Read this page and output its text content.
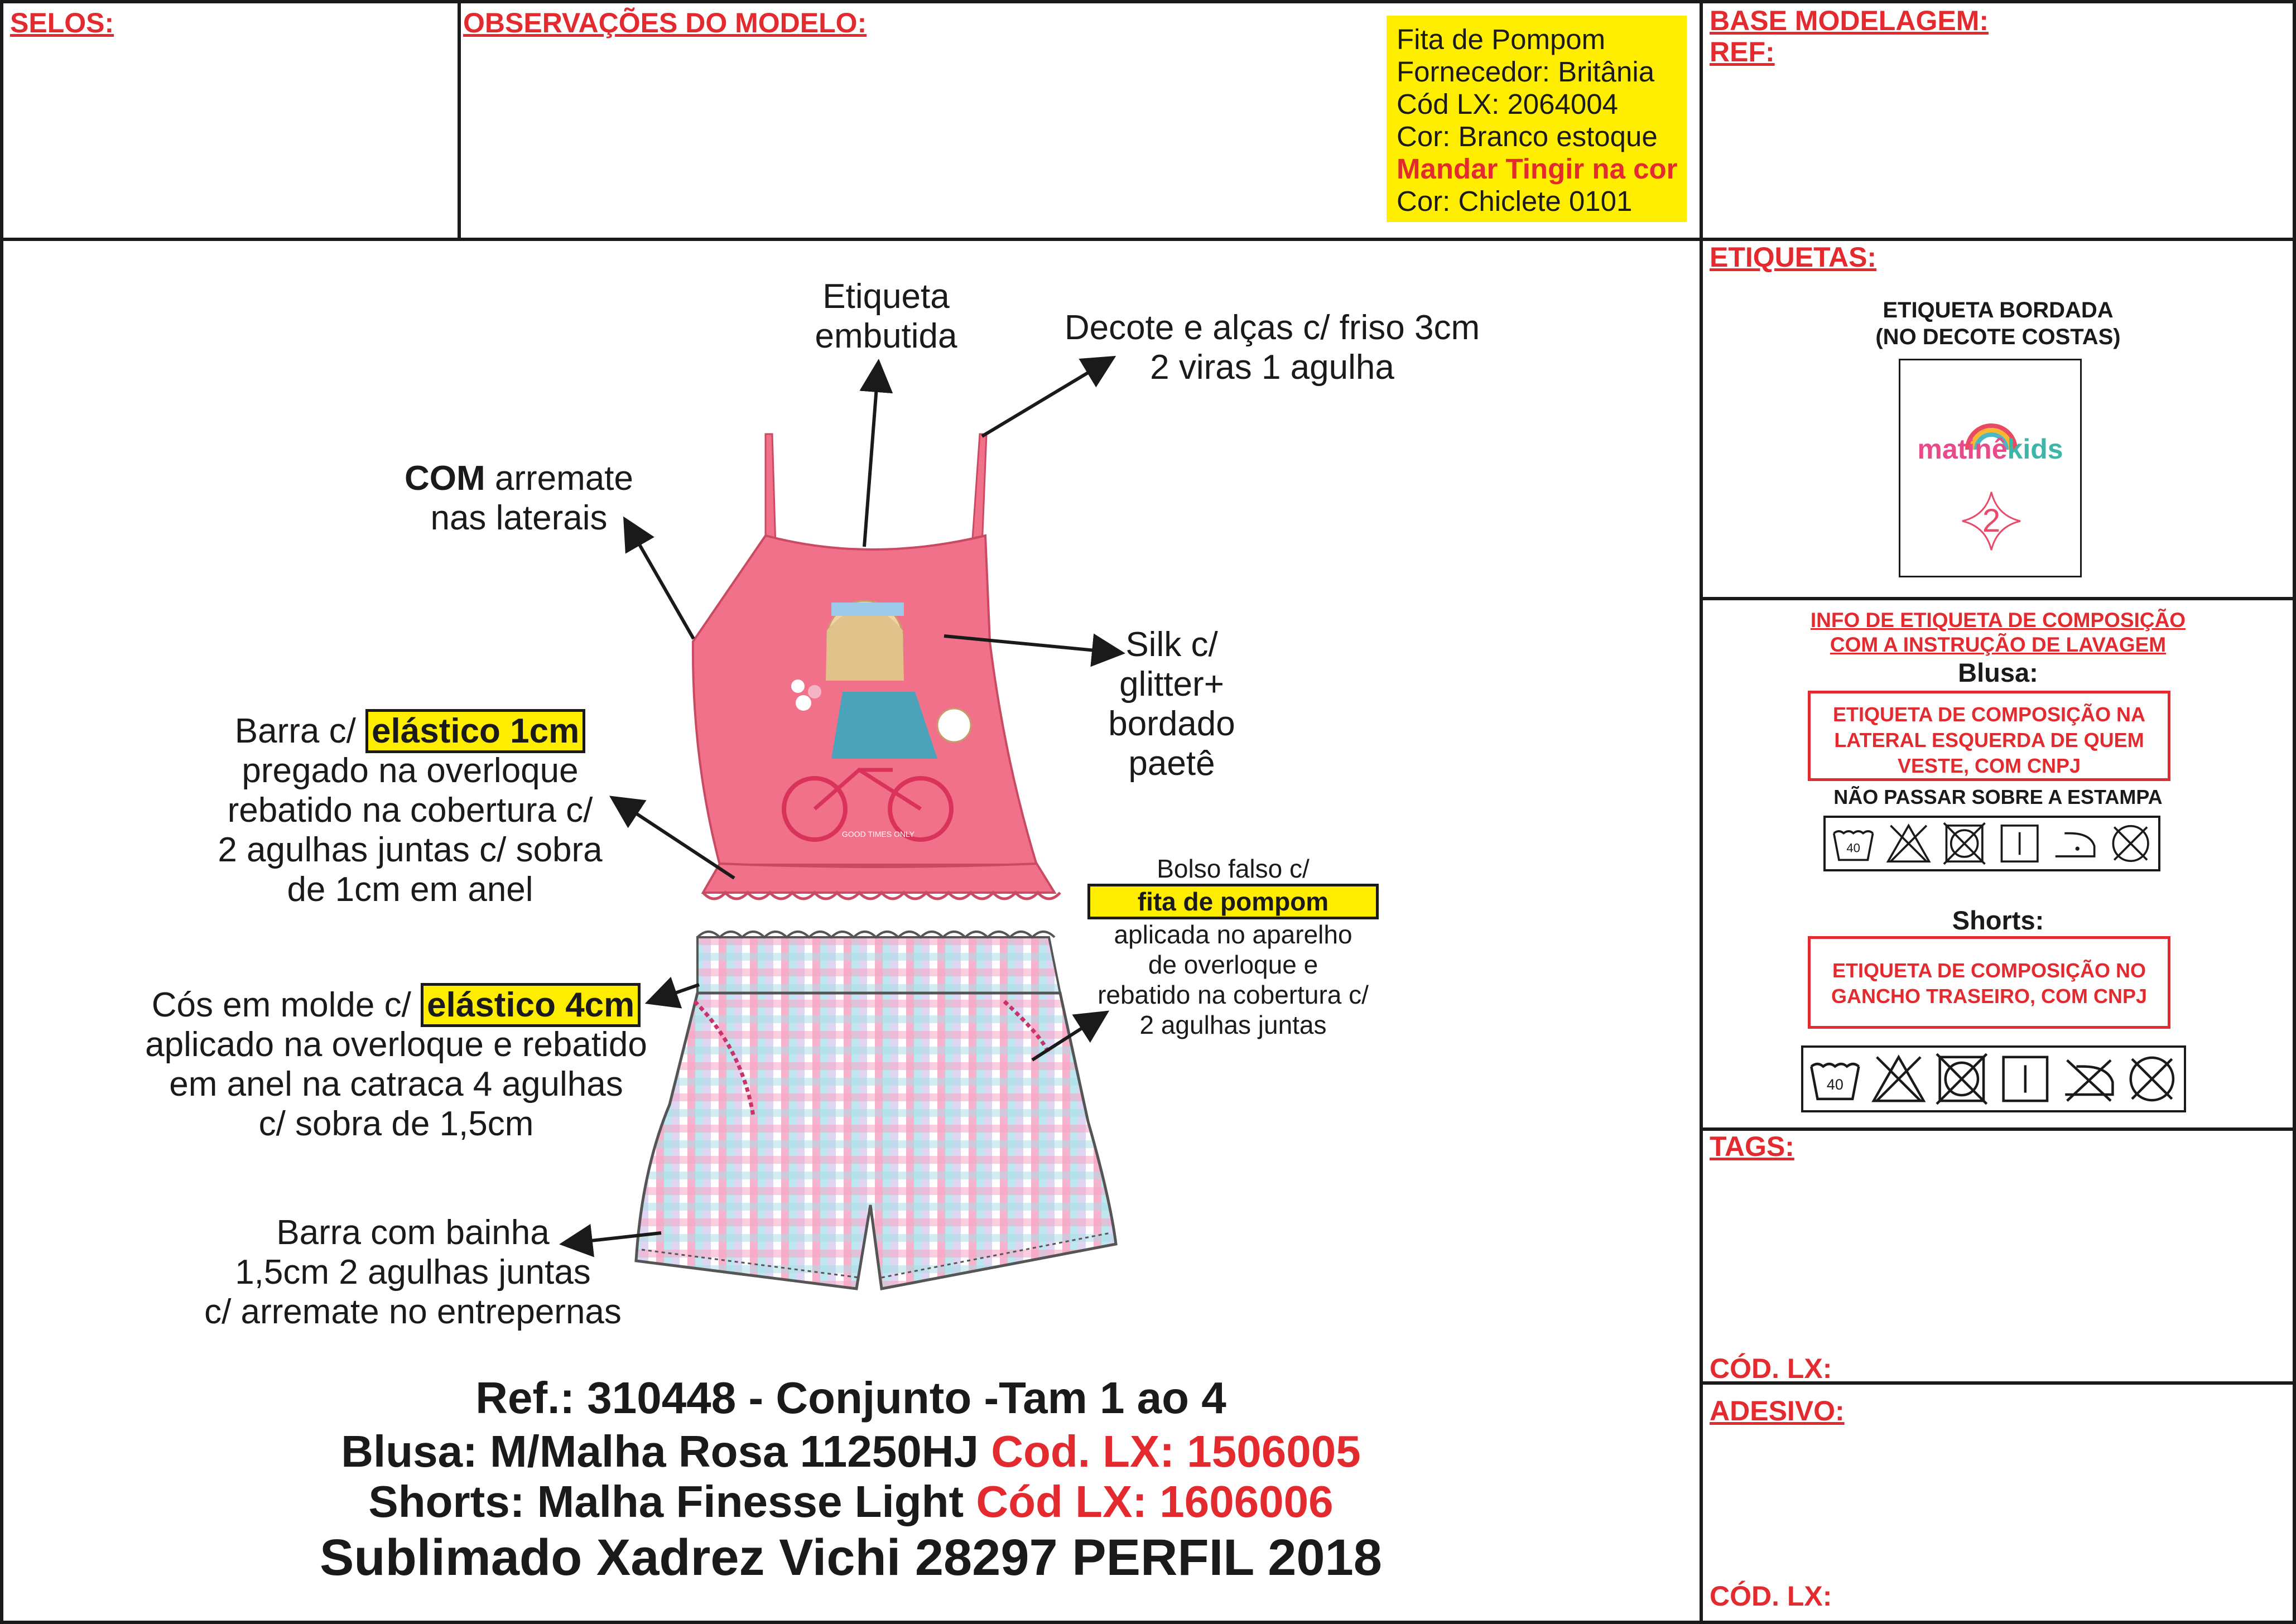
SELOS:	OBSERVAÇÕES DO MODELO:	BASE MODELAGEM:
REF:
Fita de Pompom
Fornecedor: Britânia
Cód LX: 2064004
Cor: Branco estoque
Mandar Tingir na cor
Cor: Chiclete 0101
GOOD TIMES ONLY
Etiqueta
embutida	Decote e alças c/ friso 3cm
2 viras 1 agulha
COM arremate
nas laterais
Silk c/
glitter+
bordado
paetê
Barra c/ elástico 1cm
pregado na overloque
rebatido na cobertura c/
2 agulhas juntas c/ sobra
de 1cm em anel
Bolso falso c/
fita de pompom
aplicada no aparelho
de overloque e
rebatido na cobertura c/
2 agulhas juntas
Cós em molde c/ elástico 4cm
aplicado na overloque e rebatido
em anel na catraca 4 agulhas
c/ sobra de 1,5cm
Barra com bainha
1,5cm 2 agulhas juntas
c/ arremate no entrepernas
Ref.: 310448 - Conjunto -Tam 1 ao 4
Blusa: M/Malha Rosa 11250HJ Cod. LX: 1506005
Shorts: Malha Finesse Light Cód LX: 1606006
Sublimado Xadrez Vichi 28297 PERFIL 2018
ETIQUETAS:
ETIQUETA BORDADA
(NO DECOTE COSTAS)
matinêkids
2
INFO DE ETIQUETA DE COMPOSIÇÃO
COM A INSTRUÇÃO DE LAVAGEM
Blusa:
ETIQUETA DE COMPOSIÇÃO NA
LATERAL ESQUERDA DE QUEM
VESTE, COM CNPJ
NÃO PASSAR SOBRE A ESTAMPA
40
Shorts:
ETIQUETA DE COMPOSIÇÃO NO
GANCHO TRASEIRO, COM CNPJ
40
TAGS:
CÓD. LX:
ADESIVO:
CÓD. LX:
